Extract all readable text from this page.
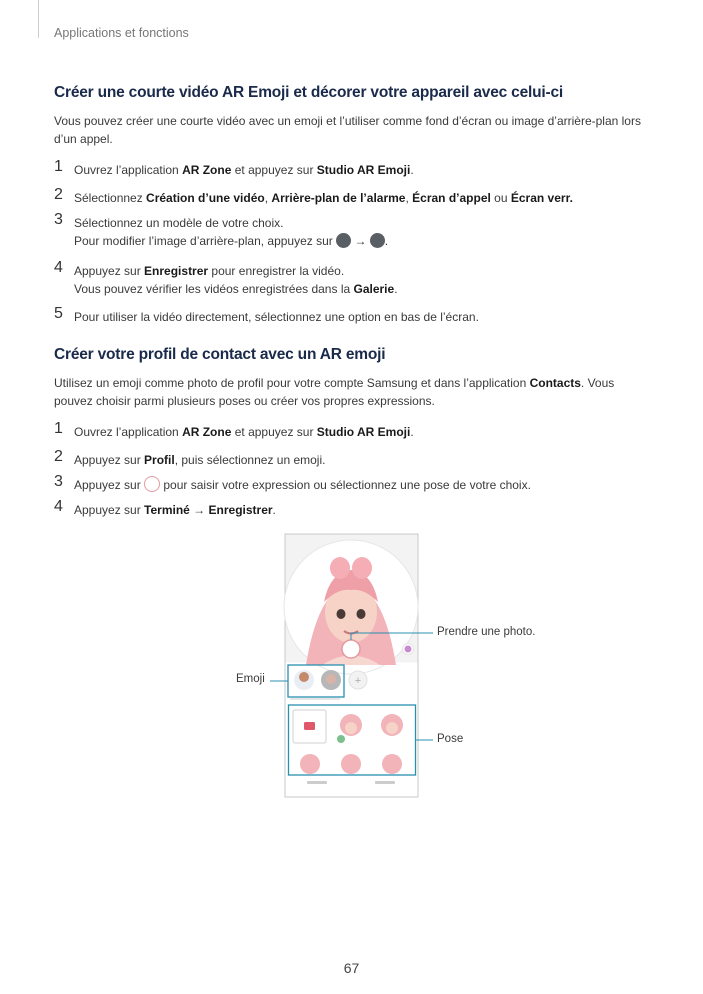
Applications et fonctions
Créer une courte vidéo AR Emoji et décorer votre appareil avec celui-ci

Vous pouvez créer une courte vidéo avec un emoji et l’utiliser comme fond d’écran ou image d’arrière-plan lors d’un appel.

1 Ouvrez l’application AR Zone et appuyez sur Studio AR Emoji.
2 Sélectionnez Création d’une vidéo, Arrière-plan de l’alarme, Écran d’appel ou Écran verr.
3 Sélectionnez un modèle de votre choix.
Pour modifier l’image d’arrière-plan, appuyez sur  → .
4 Appuyez sur Enregistrer pour enregistrer la vidéo.
Vous pouvez vérifier les vidéos enregistrées dans la Galerie.
5 Pour utiliser la vidéo directement, sélectionnez une option en bas de l’écran.
Créer votre profil de contact avec un AR emoji

Utilisez un emoji comme photo de profil pour votre compte Samsung et dans l’application Contacts. Vous pouvez choisir parmi plusieurs poses ou créer vos propres expressions.

1 Ouvrez l’application AR Zone et appuyez sur Studio AR Emoji.
2 Appuyez sur Profil, puis sélectionnez un emoji.
3 Appuyez sur  pour saisir votre expression ou sélectionnez une pose de votre choix.
4 Appuyez sur Terminé → Enregistrer.
+
Prendre une photo.
Emoji
Pose
67
